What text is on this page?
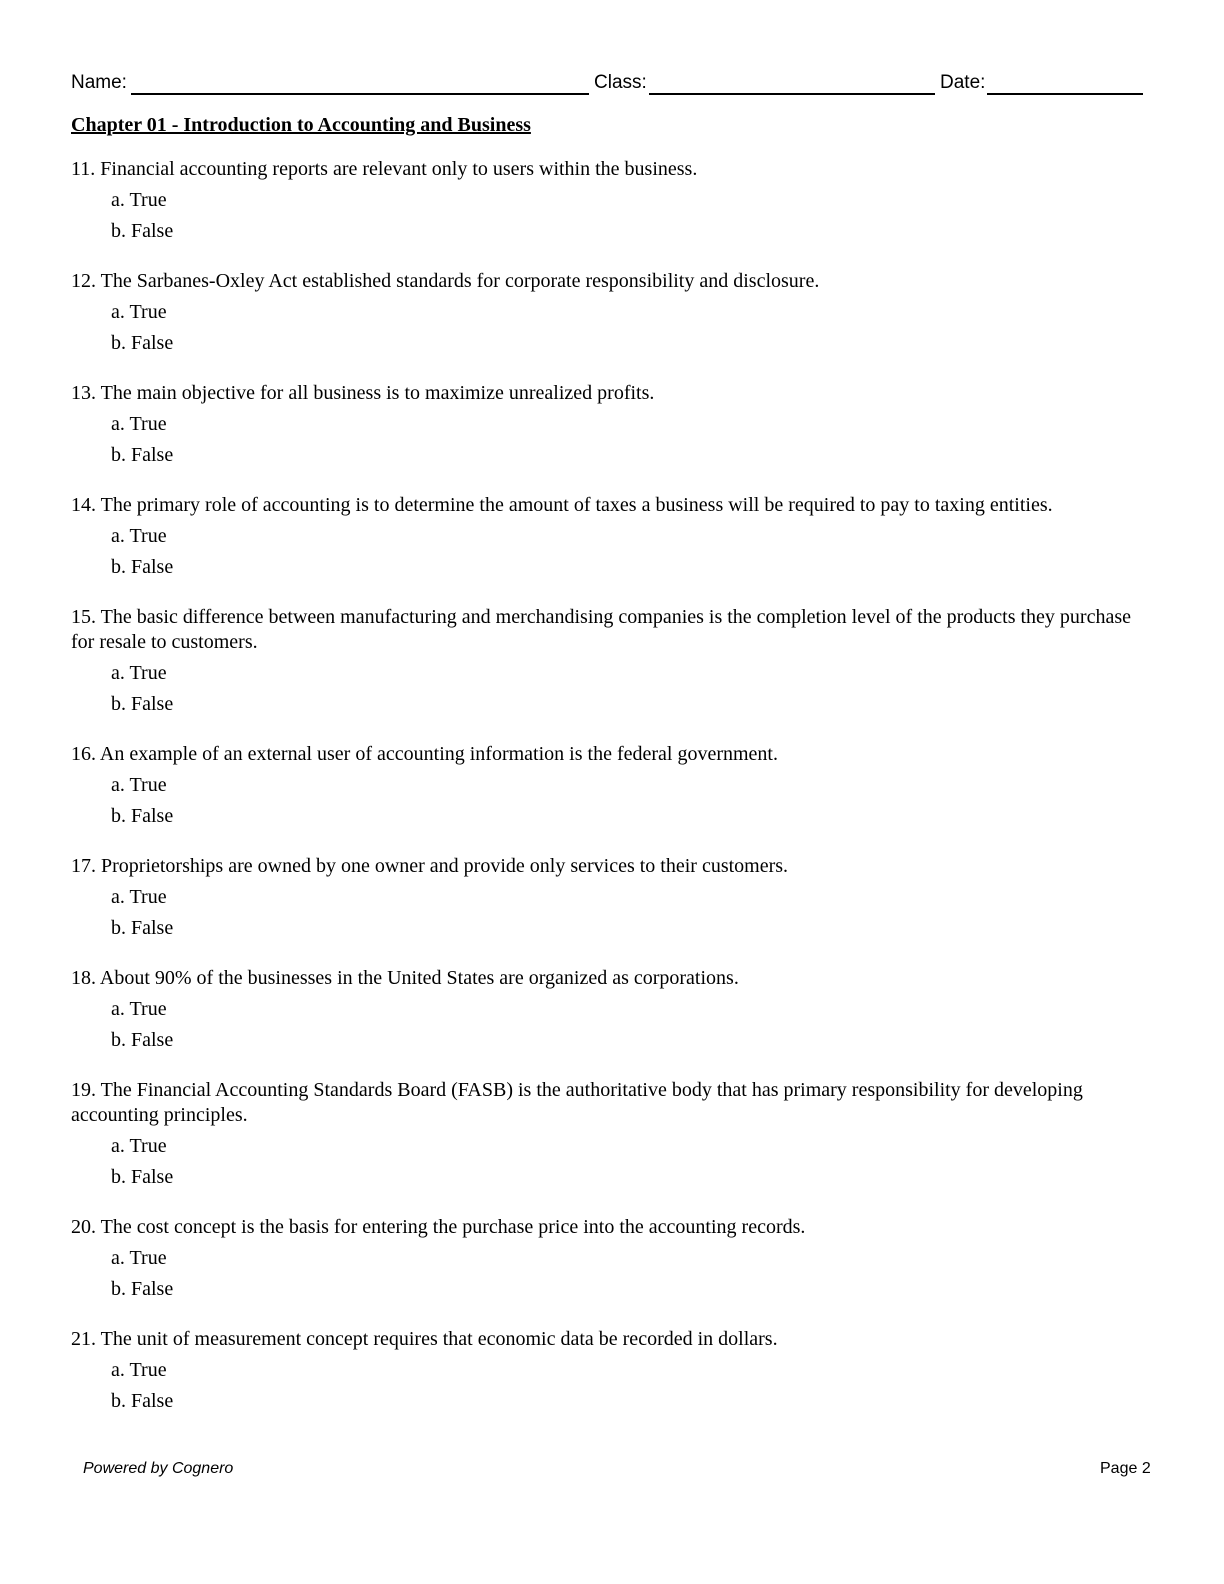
Name:	Class:	Date:
Chapter 01 - Introduction to Accounting and Business
11. Financial accounting reports are relevant only to users within the business.
a. True
b. False
12. The Sarbanes-Oxley Act established standards for corporate responsibility and disclosure.
a. True
b. False
13. The main objective for all business is to maximize unrealized profits.
a. True
b. False
14. The primary role of accounting is to determine the amount of taxes a business will be required to pay to taxing entities.
a. True
b. False
15. The basic difference between manufacturing and merchandising companies is the completion level of the products they purchase for resale to customers.
a. True
b. False
16. An example of an external user of accounting information is the federal government.
a. True
b. False
17. Proprietorships are owned by one owner and provide only services to their customers.
a. True
b. False
18. About 90% of the businesses in the United States are organized as corporations.
a. True
b. False
19. The Financial Accounting Standards Board (FASB) is the authoritative body that has primary responsibility for developing accounting principles.
a. True
b. False
20. The cost concept is the basis for entering the purchase price into the accounting records.
a. True
b. False
21. The unit of measurement concept requires that economic data be recorded in dollars.
a. True
b. False
Powered by Cognero	Page 2
